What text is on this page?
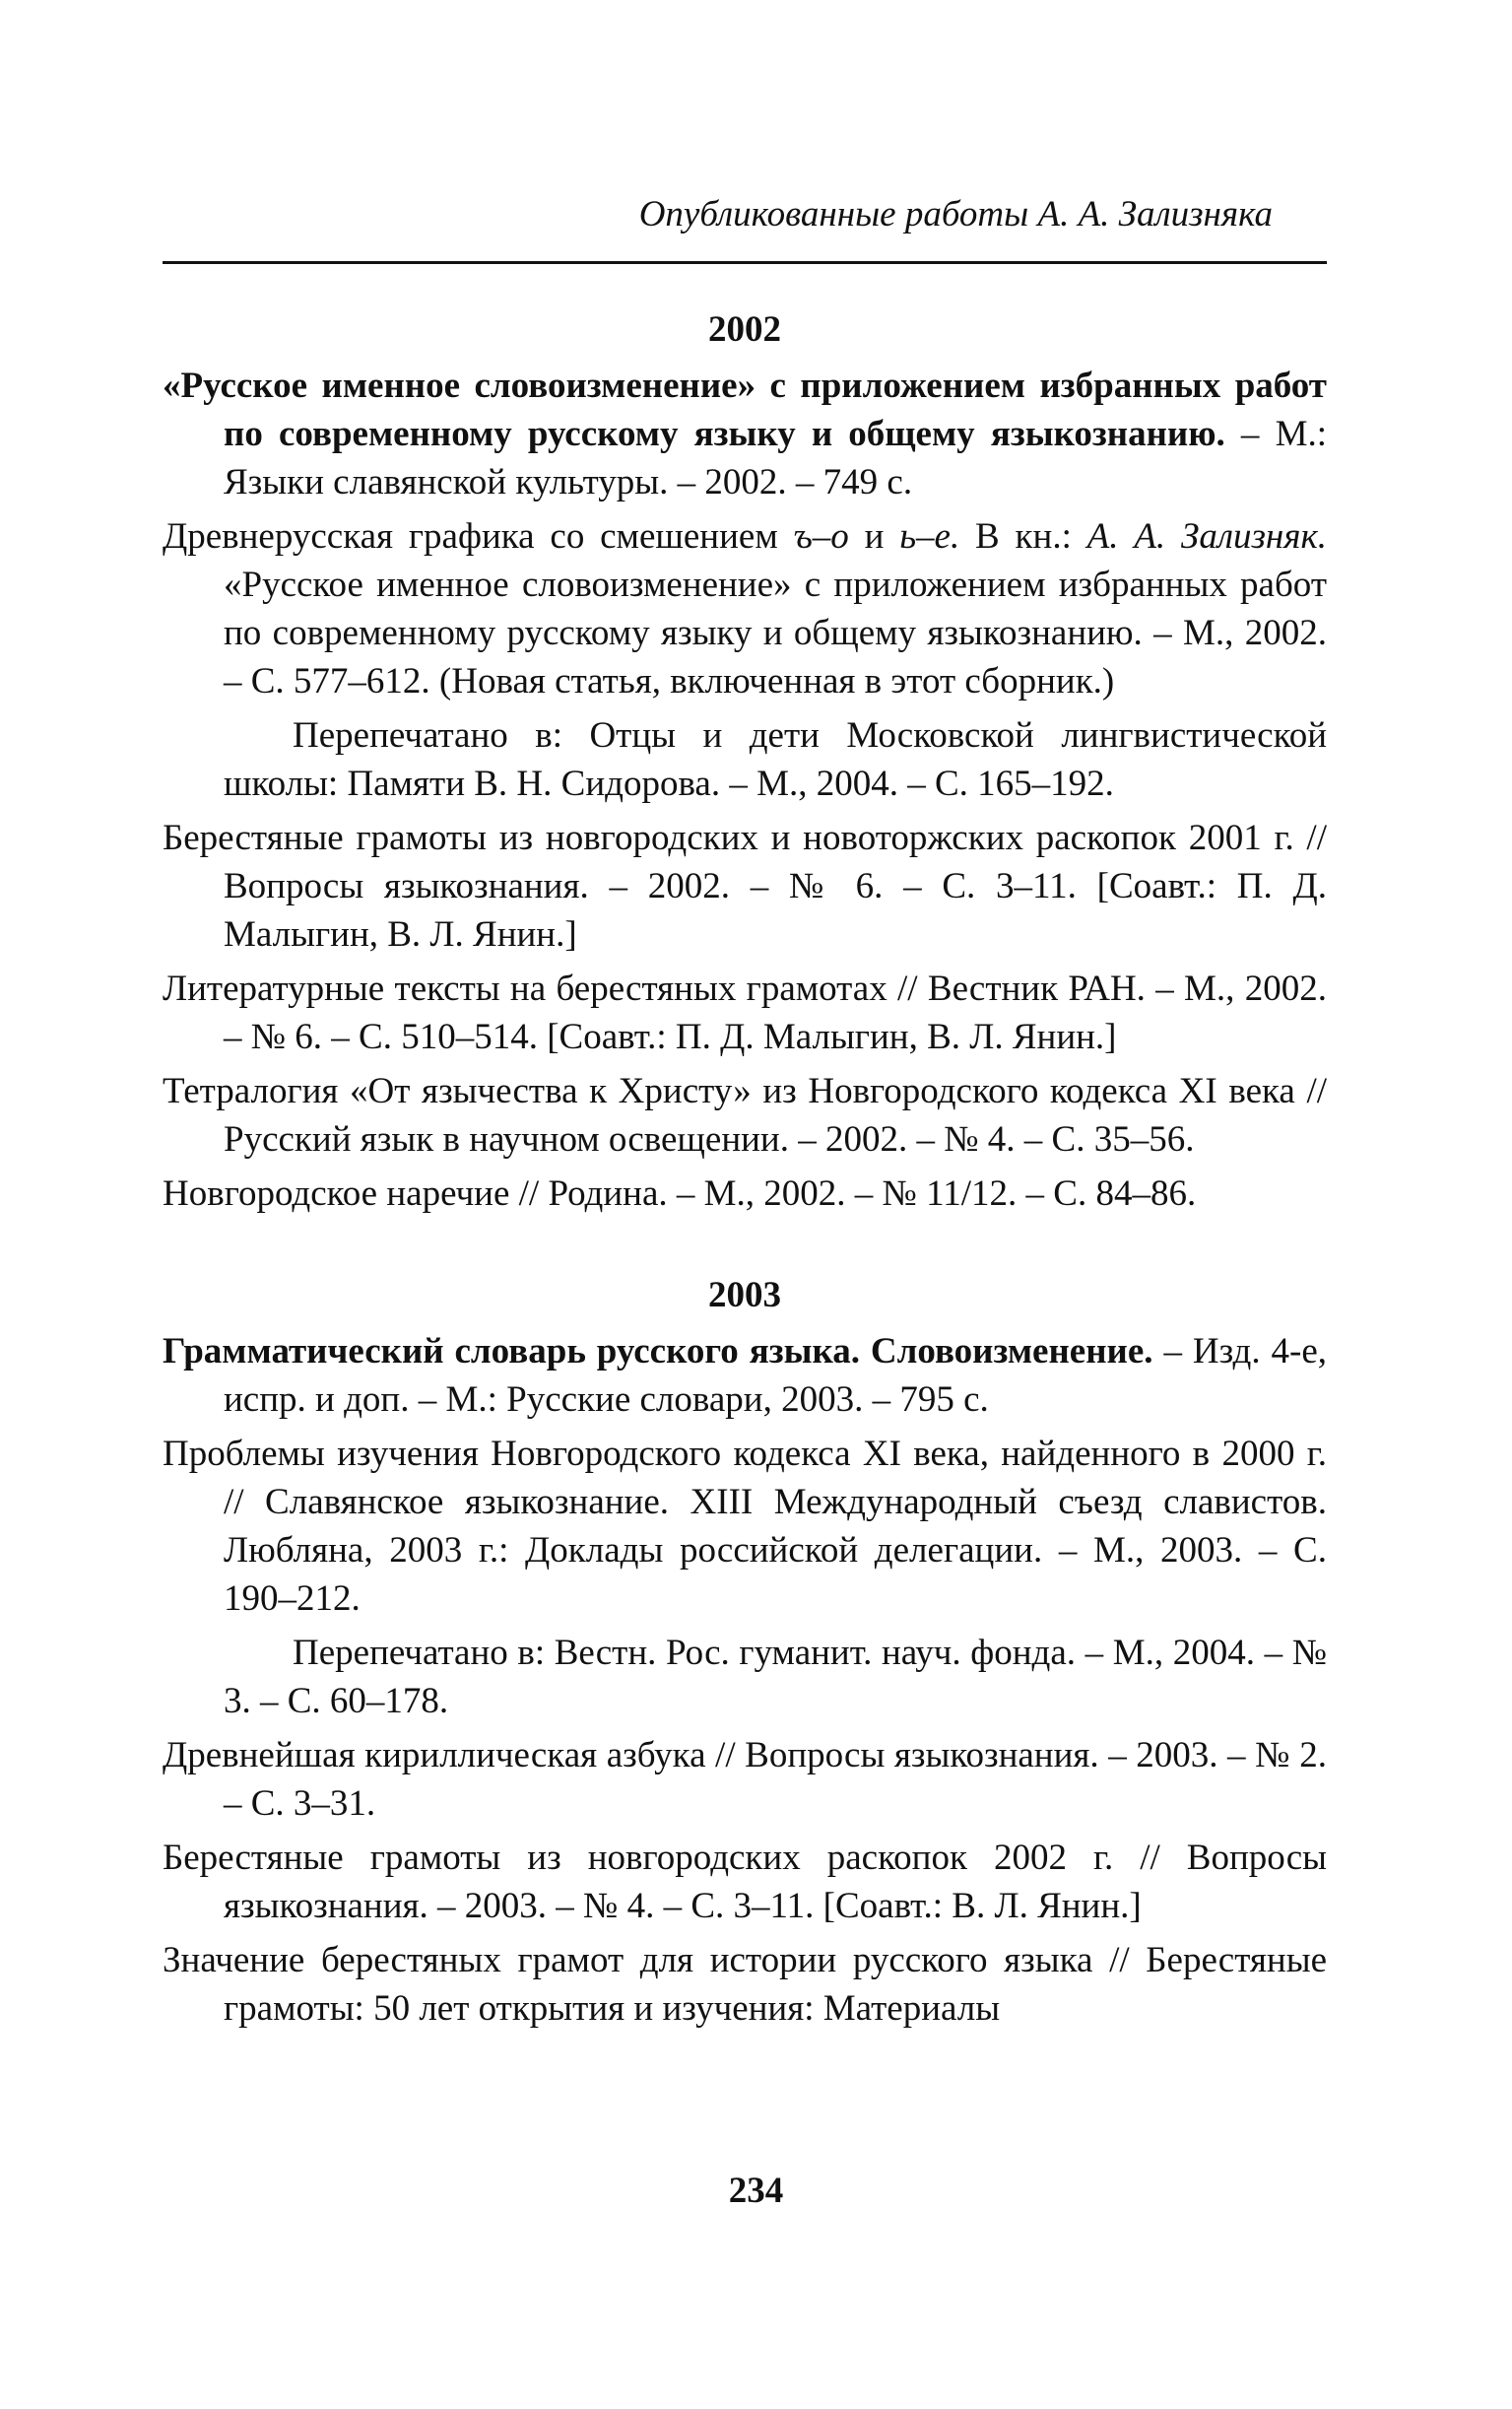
Опубликованные работы А. А. Зализняка
2002

«Русское именное словоизменение» с приложением избранных работ по современному русскому языку и общему языкознанию. – М.: Языки славянской культуры. – 2002. – 749 с.

Древнерусская графика со смешением ъ–о и ь–е. В кн.: А. А. Зализняк. «Русское именное словоизменение» с приложением избранных работ по современному русскому языку и общему языкознанию. – М., 2002. – С. 577–612. (Новая статья, включенная в этот сборник.)

Перепечатано в: Отцы и дети Московской лингвистической школы: Памяти В. Н. Сидорова. – М., 2004. – С. 165–192.

Берестяные грамоты из новгородских и новоторжских раскопок 2001 г. // Вопросы языкознания. – 2002. – № 6. – С. 3–11. [Соавт.: П. Д. Малыгин, В. Л. Янин.]

Литературные тексты на берестяных грамотах // Вестник РАН. – М., 2002. – № 6. – С. 510–514. [Соавт.: П. Д. Малыгин, В. Л. Янин.]

Тетралогия «От язычества к Христу» из Новгородского кодекса XI века // Русский язык в научном освещении. – 2002. – № 4. – С. 35–56.

Новгородское наречие // Родина. – М., 2002. – № 11/12. – С. 84–86.

2003

Грамматический словарь русского языка. Словоизменение. – Изд. 4-е, испр. и доп. – М.: Русские словари, 2003. – 795 с.

Проблемы изучения Новгородского кодекса XI века, найденного в 2000 г. // Славянское языкознание. XIII Международный съезд славистов. Любляна, 2003 г.: Доклады российской делегации. – М., 2003. – С. 190–212.

Перепечатано в: Вестн. Рос. гуманит. науч. фонда. – М., 2004. – № 3. – С. 60–178.

Древнейшая кириллическая азбука // Вопросы языкознания. – 2003. – № 2. – С. 3–31.

Берестяные грамоты из новгородских раскопок 2002 г. // Вопросы языкознания. – 2003. – № 4. – С. 3–11. [Соавт.: В. Л. Янин.]

Значение берестяных грамот для истории русского языка // Берестяные грамоты: 50 лет открытия и изучения: Материалы

234
